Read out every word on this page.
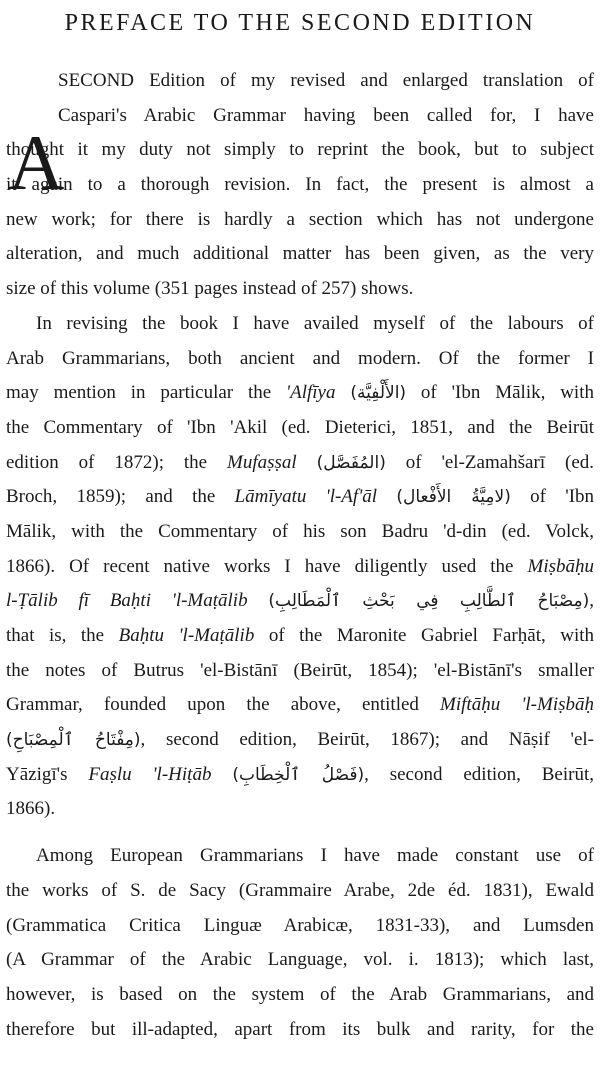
PREFACE TO THE SECOND EDITION
A
SECOND Edition of my revised and enlarged translation of
Caspari's Arabic Grammar having been called for, I have
thought it my duty not simply to reprint the book, but to subject
it again to a thorough revision. In fact, the present is almost a
new work; for there is hardly a section which has not undergone
alteration, and much additional matter has been given, as the very
size of this volume (351 pages instead of 257) shows.
In revising the book I have availed myself of the labours of
Arab Grammarians, both ancient and modern. Of the former I
may mention in particular the 'Alfīya (الأَلْفِيَّة) of 'Ibn Mālik, with
the Commentary of 'Ibn 'Akil (ed. Dieterici, 1851, and the Beirūt
edition of 1872); the Mufaṣṣal (المُفَصَّل) of 'el-Zamahšarī (ed.
Broch, 1859); and the Lāmīyatu 'l-Af'āl (لامِيَّةُ الأَفْعال) of 'Ibn
Mālik, with the Commentary of his son Badru 'd-din (ed. Volck,
1866). Of recent native works I have diligently used the Miṣbāḥu
l-Ṭālib fī Baḥti 'l-Maṭālib (مِصْبَاحُ ٱلطَّالِبِ فِي بَحْثِ ٱلْمَطَالِبِ),
that is, the Baḥtu 'l-Maṭālib of the Maronite Gabriel Farḥāt, with
the notes of Butrus 'el-Bistānī (Beirūt, 1854); 'el-Bistānī's smaller
Grammar, founded upon the above, entitled Miftāḥu 'l-Miṣbāḥ
(مِفْتَاحُ ٱلْمِصْبَاحِ), second edition, Beirūt, 1867); and Nāṣif 'el-
Yāzigī's Faṣlu 'l-Hiṭāb (فَصْلُ ٱلْخِطَابِ), second edition, Beirūt,
1866).
Among European Grammarians I have made constant use of
the works of S. de Sacy (Grammaire Arabe, 2de éd. 1831), Ewald
(Grammatica Critica Linguæ Arabicæ, 1831-33), and Lumsden
(A Grammar of the Arabic Language, vol. i. 1813); which last,
however, is based on the system of the Arab Grammarians, and
therefore but ill-adapted, apart from its bulk and rarity, for the
